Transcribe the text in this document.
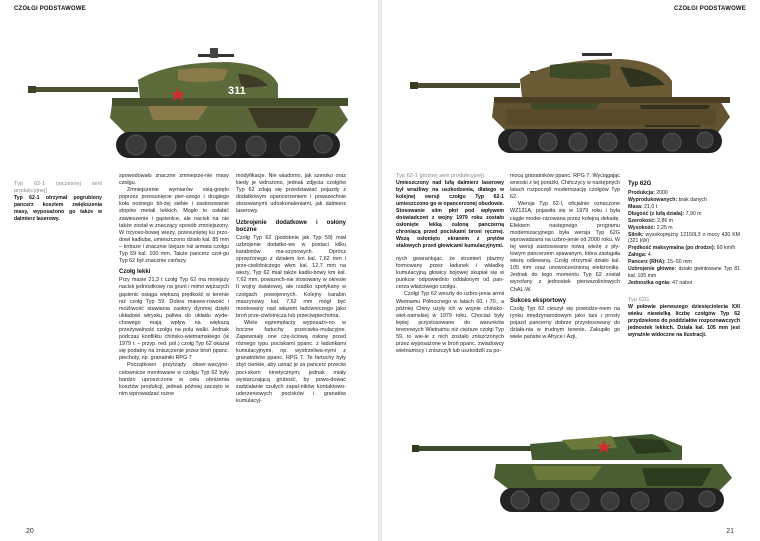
CZOŁGI PODSTAWOWE
311
Typ 62-1 (wczesnej serii produkcyjnej)
Typ 62-1 otrzymał pogrubiony pancerz kosztem zwiększenia masy, wyposażono go także w dalmierz laserowy.

spowodowało znaczne zmniejsze-nie masy czołgu.

Zmniejszenie wymiarów osią-gnięto poprzez przesunięcie pier-szego i drugiego koła nośnego bli-żej siebie i zastosowanie stopów metali lekkich. Mogło to osłabić zawieszenie i gąsienice, ale nacisk na nie także został w znaczący sposób zmniejszony. W trzyoso-bowej wieży, przesuniętej ku przo-dowi kadłuba, umieszczono działo kal. 85 mm – krótsze i znacznie lżejsze niż armata czołgu Typ 59 kal. 100 mm. Także pancerz czoł-gu Typ 62 był znacznie cieńszy.

Czołg lekki

Przy masie 21,3 t czołg Typ 62 ma mniejszy nacisk jednostkowy na grunt i mimo węższych gąsienic osiąga większą prędkość w terenie niż czołg Typ 59. Dobra manew-rowość i możliwość stawiania zaołory dynmej dzięki układowi wtrysku paliwa do układu wyde-chowego mają wpływ na większą przeżywalność czołgu na polu walki. Jednak podczas konfliktu chińsko-wietnamskiego (w 1979 r. – przyp. red. pol.) czołg Typ 62 okazał się podatny na zniszczenie przez broń ppanc. piechoty, np. granatniki RPG 7

Początkowo przyrządy obser-wacyjno-celownicze montowane w czołgu Typ 62 były bardzo uproszczone w celu obniżenia kosztów produkcji, jednak później zaczęto w nim wprowadzać rożne

modyfikacje. Nie wiadomo, jak szeroko oraz kiedy je wdrożono, jednak zdjęcia czołgów Typ 62 zdają się przedstawiać pojazdy z dodatkowym opancerzeniem i powszechnie stosowanymi udoskonaleniami, jak dalmierz laserowy.

Uzbrojenie dodatkowe i osłony boczne

Czołg Typ 62 (podobnie jak Typ 59) miał uzbrojenie dodatko-we w postaci kilku karabinów ma-szynowych. Oprócz sprzężonego z działem km kal. 7,62 mm i prze-ciwlotniczego wkm kal. 12,7 mm na wieży, Typ 62 miał także kadłu-bowy km kal. 7,62 mm, powszech-nie stosowany w okresie II wojny światowej, ale rzadko spotykany w czołgach powojennych. Kolejny karabin maszynowy kal. 7,62 mm mógł być montowany nad włazem ładowniczego jako broń prze-ciwlotnicza lub przeciwpiechotna.

Wiele egzemplarzy wyposażo-no w boczne fartuchy przeciwku-mulacyjne. Zapewniały one czę-ściową osłonę przed różnego typu pociskami ppanc. z ładunkami kumulacyjnymi, np. wystrzeliwa-nymi z granatników ppanc. RPG 7. Te fartuchy były zbyt cienkie, aby uznać je za pancerz przeciw poci-skom kinetycznym, jednak miały wystarczającą grubość, by powo-dować zadziałanie czułych zapal-ników kontaktowo-uderzeniowych pocisków i granatów kumulacyj-

20
CZOŁGI PODSTAWOWE
Typ 62-1 (późnej serii produkcyjnej)
Umieszczony nad lufą dalmierz laserowy był wrażliwy na uszkodzenia, dlatego w kolejnej wersji czołgu Typ 62-1 umieszczono go w opancerzonej obudowie. Stosowanie siim płot pod wpływem doświadczeń z wojny 1979 roku zostało osłonięte lekką osłoną panczerną chroniącą przed pociskami broni ręcznej. Wszą osłonięto ekranem z prętów stalowych przed głowicami kumulacyjnymi.

nych gwarantując, że strumień plazmy formowany przez ładunek i wkładkę kumulacyjną głowicy bojowej skupiał się w punkcie odpowiednio oddalonym od pan-cerza właściwego czołgu.

Czołgi Typ 62 weszły do uzbro-jenia armii Wietnamu Północnego w latach 60. i 70., a później Chiny użyły ich w wojnie chińsko-wiet-namskiej w 1979 roku. Chociaż były lepiej przystosowane do warunków terenowych Wietnamu niż cięższe czołgi Typ 59, to wie-le z nich zostało zniszczonych przez wyposażone w broń ppanc. zwiadowcy wietnamscy i zniszczyli lub uszkodzili za po-

mocą granatników ppanc. RPG 7. Wyciągając wnioski z tej porażki, Chińczycy w następnych latach rozpoczęli modernizację czołgów Typ 62.

Wersja Typ 62-I, oficjalnie oznaczone WZ131A, pojawiła się w 1979 roku i była ciągle moder-nizowana przez kolejną dekadę. Efektem następnego programu modernizacyjnego była wersja Typ 62G wprowadzana na uzbro-jenie od 2000 roku. W tej wersji zastosowano nową wieżę z pły-towym pancerzem spawanym, która zastąpiła wieżę odlewaną. Czołg otrzymał działo kal. 105 mm oraz unowocześnioną elektronikę. Jednak do tego momentu Typ 62 został wycofany z jednostek pierwszoliniowych ChAL-W.

Sukces eksportowy

Czołg Typ 62 cieszył się powodze-niem na rynku międzynarodowym jako tani i prosty pojazd pancerny dobrze przystosowany do działa-nia w trudnym terenie. Zakupiło go wiele państw w Afryce i Azji,

Typ 62G
Produkcja: 2000
Wyprodukowanych: brak danych
Masa: 21,0 t
Długość (z lufą działa): 7,90 m
Szerokość: 2,86 m
Wysokość: 2,25 m
Silnik: wysokoprężny 12150L3 o mocy 430 KM (321 kW)
Prędkość maksymalna (po drodze): 60 km/h
Załoga: 4
Pancerz (RHA): 15–50 mm
Uzbrojenie główne: działo gwintowane Typ 81 kal. 105 mm
Jednostka ognia: 47 naboi
Typ 62G
W połowie pierwszego dziesięciolecia XXI wieku niewielką liczbę czołgów Typ 62 przydzielono do poddziałów rozpoznawczych jednostek lekkich. Działa kal. 105 mm jest wyraźnie widoczne na ilustracji.
21
